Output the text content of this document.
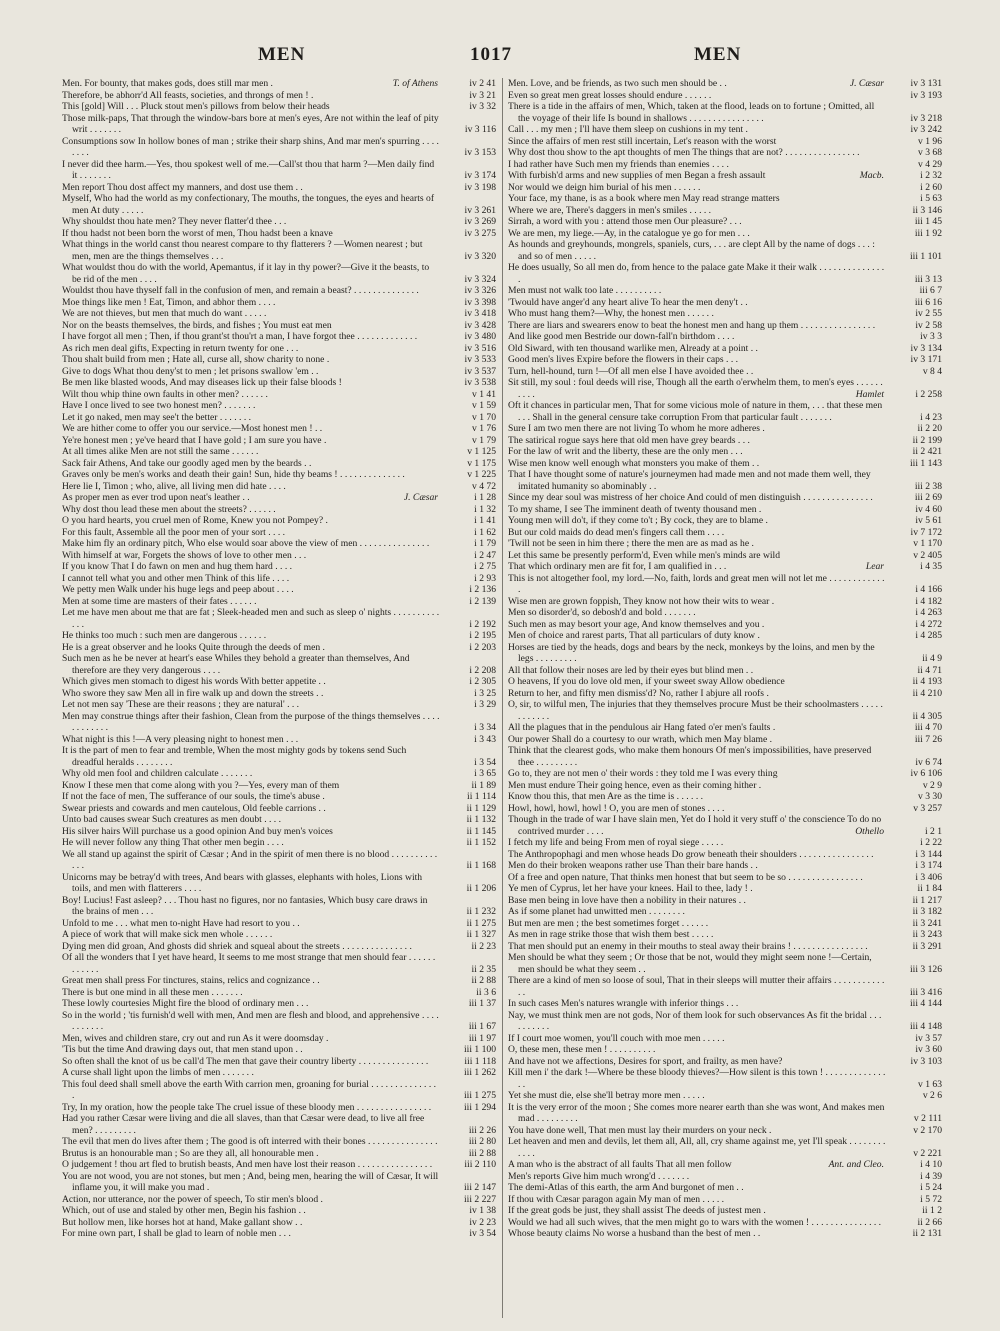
MEN	1017	MEN
Men. For bounty, that makes gods, does still mar men .	T. of Athens	iv 2 41
Therefore, be abhorr'd All feasts, societies, and throngs of men ! .	iv 3 21
This [gold] Will . . . Pluck stout men's pillows from below their heads	iv 3 32
Those milk-paps, That through the window-bars bore at men's eyes, Are not within the leaf of pity writ . . . . . . .	iv 3 116
Consumptions sow In hollow bones of man ; strike their sharp shins, And mar men's spurring . . . . . . . .	iv 3 153
I never did thee harm.—Yes, thou spokest well of me.—Call'st thou that harm ?—Men daily find it . . . . . . .	iv 3 174
Men report Thou dost affect my manners, and dost use them . .	iv 3 198
Myself, Who had the world as my confectionary, The mouths, the tongues, the eyes and hearts of men At duty . . . . .	iv 3 261
Why shouldst thou hate men? They never flatter'd thee . . .	iv 3 269
If thou hadst not been born the worst of men, Thou hadst been a knave	iv 3 275
What things in the world canst thou nearest compare to thy flatterers ? —Women nearest ; but men, men are the things themselves . . .	iv 3 320
What wouldst thou do with the world, Apemantus, if it lay in thy power?—Give it the beasts, to be rid of the men . . . .	iv 3 324
Wouldst thou have thyself fall in the confusion of men, and remain a beast? . . . . . . . . . . . . . .	iv 3 326
Moe things like men ! Eat, Timon, and abhor them . . . .	iv 3 398
We are not thieves, but men that much do want . . . . .	iv 3 418
Nor on the beasts themselves, the birds, and fishes ; You must eat men	iv 3 428
I have forgot all men ; Then, if thou grant'st thou'rt a man, I have forgot thee . . . . . . . . . . . . .	iv 3 480
As rich men deal gifts, Expecting in return twenty for one . . .	iv 3 516
Thou shalt build from men ; Hate all, curse all, show charity to none .	iv 3 533
Give to dogs What thou deny'st to men ; let prisons swallow 'em . .	iv 3 537
Be men like blasted woods, And may diseases lick up their false bloods !	iv 3 538
Wilt thou whip thine own faults in other men? . . . . . .	v 1 41
Have I once lived to see two honest men? . . . . . . .	v 1 59
Let it go naked, men may see't the better . . . . . . .	v 1 70
We are hither come to offer you our service.—Most honest men ! . .	v 1 76
Ye're honest men ; ye've heard that I have gold ; I am sure you have .	v 1 79
At all times alike Men are not still the same . . . . . .	v 1 125
Sack fair Athens, And take our goodly aged men by the beards . .	v 1 175
Graves only be men's works and death their gain! Sun, hide thy beams ! . . . . . . . . . . . . . .	v 1 225
Here lie I, Timon ; who, alive, all living men did hate . . . .	v 4 72
As proper men as ever trod upon neat's leather . .	J. Cæsar	i 1 28
Why dost thou lead these men about the streets? . . . . . .	i 1 32
O you hard hearts, you cruel men of Rome, Knew you not Pompey? .	i 1 41
For this fault, Assemble all the poor men of your sort . . . .	i 1 62
Make him fly an ordinary pitch, Who else would soar above the view of men . . . . . . . . . . . . . . .	i 1 79
With himself at war, Forgets the shows of love to other men . . .	i 2 47
If you know That I do fawn on men and hug them hard . . . .	i 2 75
I cannot tell what you and other men Think of this life . . . .	i 2 93
We petty men Walk under his huge legs and peep about . . . .	i 2 136
Men at some time are masters of their fates . . . . . .	i 2 139
Let me have men about me that are fat ; Sleek-headed men and such as sleep o' nights . . . . . . . . . . . . .	i 2 192
He thinks too much : such men are dangerous . . . . . .	i 2 195
He is a great observer and he looks Quite through the deeds of men .	i 2 203
Such men as he be never at heart's ease Whiles they behold a greater than themselves, And therefore are they very dangerous . . . .	i 2 208
Which gives men stomach to digest his words With better appetite . .	i 2 305
Who swore they saw Men all in fire walk up and down the streets . .	i 3 25
Let not men say 'These are their reasons ; they are natural' . . .	i 3 29
Men may construe things after their fashion, Clean from the purpose of the things themselves . . . . . . . . . . . .	i 3 34
What night is this !—A very pleasing night to honest men . . .	i 3 43
It is the part of men to fear and tremble, When the most mighty gods by tokens send Such dreadful heralds . . . . . . . .	i 3 54
Why old men fool and children calculate . . . . . . .	i 3 65
Know I these men that come along with you ?—Yes, every man of them	ii 1 89
If not the face of men, The sufferance of our souls, the time's abuse .	ii 1 114
Swear priests and cowards and men cautelous, Old feeble carrions . .	ii 1 129
Unto bad causes swear Such creatures as men doubt . . . .	ii 1 132
His silver hairs Will purchase us a good opinion And buy men's voices	ii 1 145
He will never follow any thing That other men begin . . . .	ii 1 152
We all stand up against the spirit of Cæsar ; And in the spirit of men there is no blood . . . . . . . . . . . . .	ii 1 168
Unicorns may be betray'd with trees, And bears with glasses, elephants with holes, Lions with toils, and men with flatterers . . . .	ii 1 206
Boy! Lucius! Fast asleep? . . . Thou hast no figures, nor no fantasies, Which busy care draws in the brains of men . . .	ii 1 232
Unfold to me . . . what men to-night Have had resort to you . .	ii 1 275
A piece of work that will make sick men whole . . . . . .	ii 1 327
Dying men did groan, And ghosts did shriek and squeal about the streets . . . . . . . . . . . . . . .	ii 2 23
Of all the wonders that I yet have heard, It seems to me most strange that men should fear . . . . . . . . . . . .	ii 2 35
Great men shall press For tinctures, stains, relics and cognizance . .	ii 2 88
There is but one mind in all these men . . . . . . .	ii 3 6
These lowly courtesies Might fire the blood of ordinary men . . .	iii 1 37
So in the world ; 'tis furnish'd well with men, And men are flesh and blood, and apprehensive . . . . . . . . . . .	iii 1 67
Men, wives and children stare, cry out and run As it were doomsday .	iii 1 97
'Tis but the time And drawing days out, that men stand upon . .	iii 1 100
So often shall the knot of us be call'd The men that gave their country liberty . . . . . . . . . . . . . . .	iii 1 118
A curse shall light upon the limbs of men . . . . . . .	iii 1 262
This foul deed shall smell above the earth With carrion men, groaning for burial . . . . . . . . . . . . . . .	iii 1 275
Try, In my oration, how the people take The cruel issue of these bloody men . . . . . . . . . . . . . . . .	iii 1 294
Had you rather Cæsar were living and die all slaves, than that Cæsar were dead, to live all free men? . . . . . . . . .	iii 2 26
The evil that men do lives after them ; The good is oft interred with their bones . . . . . . . . . . . . . . .	iii 2 80
Brutus is an honourable man ; So are they all, all honourable men .	iii 2 88
O judgement ! thou art fled to brutish beasts, And men have lost their reason . . . . . . . . . . . . . . . .	iii 2 110
You are not wood, you are not stones, but men ; And, being men, hearing the will of Cæsar, It will inflame you, it will make you mad .	iii 2 147
Action, nor utterance, nor the power of speech, To stir men's blood .	iii 2 227
Which, out of use and staled by other men, Begin his fashion . .	iv 1 38
But hollow men, like horses hot at hand, Make gallant show . .	iv 2 23
For mine own part, I shall be glad to learn of noble men . . .	iv 3 54
Men. Love, and be friends, as two such men should be . .	J. Cæsar	iv 3 131
Even so great men great losses should endure . . . . . .	iv 3 193
There is a tide in the affairs of men, Which, taken at the flood, leads on to fortune ; Omitted, all the voyage of their life Is bound in shallows . . . . . . . . . . . . . . . .	iv 3 218
Call . . . my men ; I'll have them sleep on cushions in my tent .	iv 3 242
Since the affairs of men rest still incertain, Let's reason with the worst	v 1 96
Why dost thou show to the apt thoughts of men The things that are not? . . . . . . . . . . . . . . . .	v 3 68
I had rather have Such men my friends than enemies . . . .	v 4 29
With furbish'd arms and new supplies of men Began a fresh assault	Macb.	i 2 32
Nor would we deign him burial of his men . . . . . .	i 2 60
Your face, my thane, is as a book where men May read strange matters	i 5 63
Where we are, There's daggers in men's smiles . . . . .	ii 3 146
Sirrah, a word with you : attend those men Our pleasure? . . .	iii 1 45
We are men, my liege.—Ay, in the catalogue ye go for men . . .	iii 1 92
As hounds and greyhounds, mongrels, spaniels, curs, . . . are clept All by the name of dogs . . . : and so of men . . . . .	iii 1 101
He does usually, So all men do, from hence to the palace gate Make it their walk . . . . . . . . . . . . . . .	iii 3 13
Men must not walk too late . . . . . . . . . .	iii 6 7
'Twould have anger'd any heart alive To hear the men deny't . .	iii 6 16
Who must hang them?—Why, the honest men . . . . . .	iv 2 55
There are liars and swearers enow to beat the honest men and hang up them . . . . . . . . . . . . . . . .	iv 2 58
And like good men Bestride our down-fall'n birthdom . . . .	iv 3 3
Old Siward, with ten thousand warlike men, Already at a point . .	iv 3 134
Good men's lives Expire before the flowers in their caps . . .	iv 3 171
Turn, hell-hound, turn !—Of all men else I have avoided thee . .	v 8 4
Sit still, my soul : foul deeds will rise, Though all the earth o'erwhelm them, to men's eyes . . . . . . . . . .	Hamlet	i 2 258
Oft it chances in particular men, That for some vicious mole of nature in them, . . . that these men . . . Shall in the general censure take corruption From that particular fault . . . . . . .	i 4 23
Sure I am two men there are not living To whom he more adheres .	ii 2 20
The satirical rogue says here that old men have grey beards . . .	ii 2 199
For the law of writ and the liberty, these are the only men . . .	ii 2 421
Wise men know well enough what monsters you make of them . .	iii 1 143
That I have thought some of nature's journeymen had made men and not made them well, they imitated humanity so abominably . .	iii 2 38
Since my dear soul was mistress of her choice And could of men distinguish . . . . . . . . . . . . . . .	iii 2 69
To my shame, I see The imminent death of twenty thousand men .	iv 4 60
Young men will do't, if they come to't ; By cock, they are to blame .	iv 5 61
But our cold maids do dead men's fingers call them . . . .	iv 7 172
'Twill not be seen in him there ; there the men are as mad as he .	v 1 170
Let this same be presently perform'd, Even while men's minds are wild	v 2 405
That which ordinary men are fit for, I am qualified in . . .	Lear	i 4 35
This is not altogether fool, my lord.—No, faith, lords and great men will not let me . . . . . . . . . . . . .	i 4 166
Wise men are grown foppish, They know not how their wits to wear .	i 4 182
Men so disorder'd, so debosh'd and bold . . . . . . .	i 4 263
Such men as may besort your age, And know themselves and you .	i 4 272
Men of choice and rarest parts, That all particulars of duty know .	i 4 285
Horses are tied by the heads, dogs and bears by the neck, monkeys by the loins, and men by the legs . . . . . . . . .	ii 4 9
All that follow their noses are led by their eyes but blind men . .	ii 4 71
O heavens, If you do love old men, if your sweet sway Allow obedience	ii 4 193
Return to her, and fifty men dismiss'd? No, rather I abjure all roofs .	ii 4 210
O, sir, to wilful men, The injuries that they themselves procure Must be their schoolmasters . . . . . . . . . . . .	ii 4 305
All the plagues that in the pendulous air Hang fated o'er men's faults .	iii 4 70
Our power Shall do a courtesy to our wrath, which men May blame .	iii 7 26
Think that the clearest gods, who make them honours Of men's impossibilities, have preserved thee . . . . . . . . .	iv 6 74
Go to, they are not men o' their words : they told me I was every thing	iv 6 106
Men must endure Their going hence, even as their coming hither .	v 2 9
Know thou this, that men Are as the time is . . . . . .	v 3 30
Howl, howl, howl, howl ! O, you are men of stones . . . .	v 3 257
Though in the trade of war I have slain men, Yet do I hold it very stuff o' the conscience To do no contrived murder . . . .	Othello	i 2 1
I fetch my life and being From men of royal siege . . . . .	i 2 22
The Anthropophagi and men whose heads Do grow beneath their shoulders . . . . . . . . . . . . . . . .	i 3 144
Men do their broken weapons rather use Than their bare hands . .	i 3 174
Of a free and open nature, That thinks men honest that but seem to be so . . . . . . . . . . . . . . . .	i 3 406
Ye men of Cyprus, let her have your knees. Hail to thee, lady ! .	ii 1 84
Base men being in love have then a nobility in their natures . .	ii 1 217
As if some planet had unwitted men . . . . . . . .	ii 3 182
But men are men ; the best sometimes forget . . . . . .	ii 3 241
As men in rage strike those that wish them best . . . . .	ii 3 243
That men should put an enemy in their mouths to steal away their brains ! . . . . . . . . . . . . . . . .	ii 3 291
Men should be what they seem ; Or those that be not, would they might seem none !—Certain, men should be what they seem . .	iii 3 126
There are a kind of men so loose of soul, That in their sleeps will mutter their affairs . . . . . . . . . . . . .	iii 3 416
In such cases Men's natures wrangle with inferior things . . .	iii 4 144
Nay, we must think men are not gods, Nor of them look for such observances As fit the bridal . . . . . . . . . .	iii 4 148
If I court moe women, you'll couch with moe men . . . . .	iv 3 57
O, these men, these men ! . . . . . . . . . .	iv 3 60
And have not we affections, Desires for sport, and frailty, as men have?	iv 3 103
Kill men i' the dark !—Where be these bloody thieves?—How silent is this town ! . . . . . . . . . . . . . . .	v 1 63
Yet she must die, else she'll betray more men . . . . .	v 2 6
It is the very error of the moon ; She comes more nearer earth than she was wont, And makes men mad . . . . . . . . .	v 2 111
You have done well, That men must lay their murders on your neck .	v 2 170
Let heaven and men and devils, let them all, All, all, cry shame against me, yet I'll speak . . . . . . . . . . . .	v 2 221
A man who is the abstract of all faults That all men follow	Ant. and Cleo.	i 4 10
Men's reports Give him much wrong'd . . . . . . .	i 4 39
The demi-Atlas of this earth, the arm And burgonet of men . .	i 5 24
If thou with Cæsar paragon again My man of men . . . . .	i 5 72
If the great gods be just, they shall assist The deeds of justest men .	ii 1 2
Would we had all such wives, that the men might go to wars with the women ! . . . . . . . . . . . . . . .	ii 2 66
Whose beauty claims No worse a husband than the best of men . .	ii 2 131
